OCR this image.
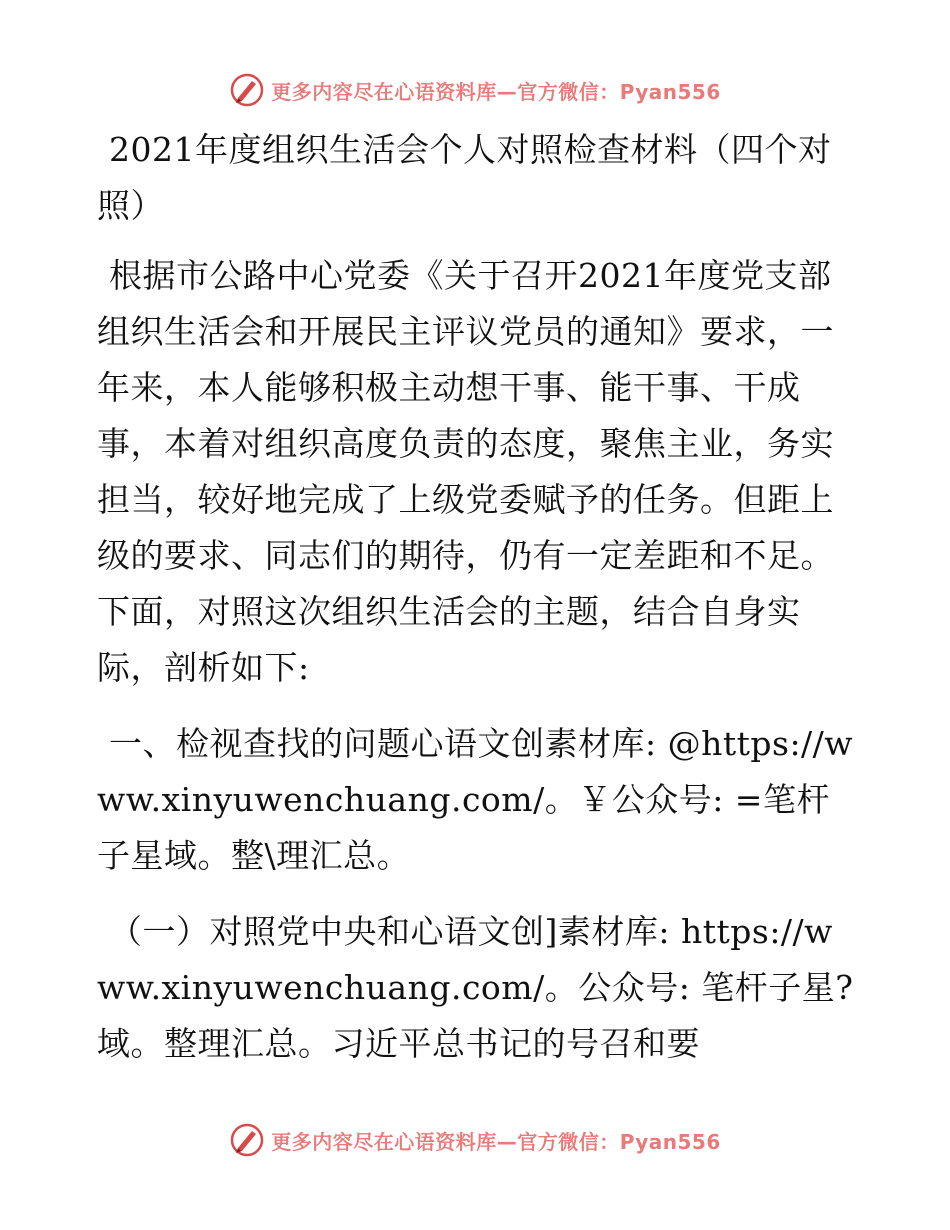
更多内容尽在心语资料库—官方微信：Pyan556

2021年度组织生活会个人对照检查材料（四个对照）

根据市公路中心党委《关于召开2021年度党支部组织生活会和开展民主评议党员的通知》要求，一年来，本人能够积极主动想干事、能干事、干成事，本着对组织高度负责的态度，聚焦主业，务实担当，较好地完成了上级党委赋予的任务。但距上级的要求、同志们的期待，仍有一定差距和不足。下面，对照这次组织生活会的主题，结合自身实际，剖析如下:

一、检视查找的问题心语文创素材库: @https://www.xinyuwenchuang.com/。￥公众号: =笔杆子星域。整\理汇总。

（一）对照党中央和心语文创]素材库: https://www.xinyuwenchuang.com/。公众号: 笔杆子星?域。整理汇总。习近平总书记的号召和要

更多内容尽在心语资料库—官方微信：Pyan556
